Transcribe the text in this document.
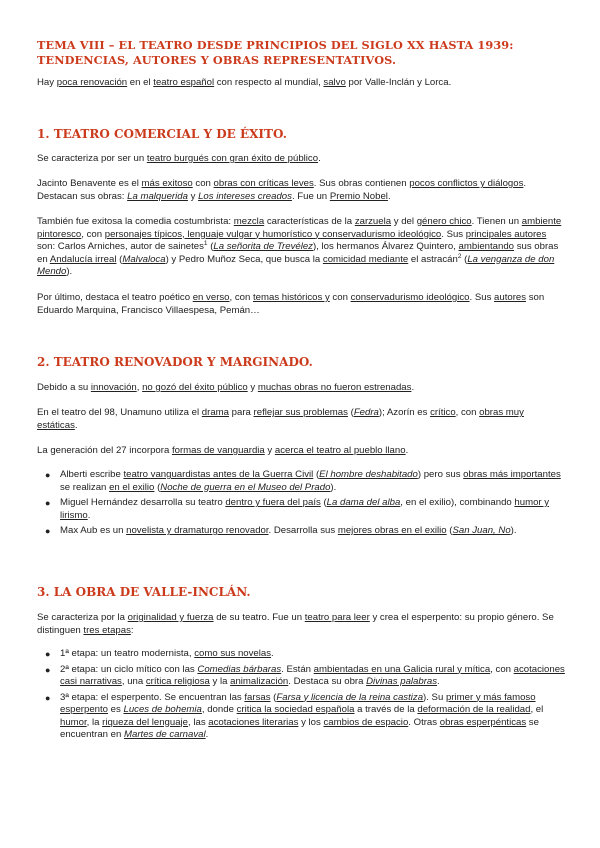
TEMA VIII – EL TEATRO DESDE PRINCIPIOS DEL SIGLO XX HASTA 1939: TENDENCIAS, AUTORES Y OBRAS REPRESENTATIVOS.

Hay poca renovación en el teatro español con respecto al mundial, salvo por Valle-Inclán y Lorca.

1. TEATRO COMERCIAL Y DE ÉXITO.

Se caracteriza por ser un teatro burgués con gran éxito de público.

Jacinto Benavente es el más exitoso con obras con críticas leves. Sus obras contienen pocos conflictos y diálogos. Destacan sus obras: La malquerida y Los intereses creados. Fue un Premio Nobel.

También fue exitosa la comedia costumbrista: mezcla características de la zarzuela y del género chico. Tienen un ambiente pintoresco, con personajes típicos, lenguaje vulgar y humorístico y conservadurismo ideológico. Sus principales autores son: Carlos Arniches, autor de sainetes$^1$ (La señorita de Trevélez), los hermanos Álvarez Quintero, ambientando sus obras en Andalucía irreal (Malvaloca) y Pedro Muñoz Seca, que busca la comicidad mediante el astracán$^2$ (La venganza de don Mendo).

Por último, destaca el teatro poético en verso, con temas históricos y con conservadurismo ideológico. Sus autores son Eduardo Marquina, Francisco Villaespesa, Pemán…

2. TEATRO RENOVADOR Y MARGINADO.

Debido a su innovación, no gozó del éxito público y muchas obras no fueron estrenadas.

En el teatro del 98, Unamuno utiliza el drama para reflejar sus problemas (Fedra); Azorín es crítico, con obras muy estáticas.

La generación del 27 incorpora formas de vanguardia y acerca el teatro al pueblo llano.

● Alberti escribe teatro vanguardistas antes de la Guerra Civil (El hombre deshabitado) pero sus obras más importantes se realizan en el exilio (Noche de guerra en el Museo del Prado).
● Miguel Hernández desarrolla su teatro dentro y fuera del país (La dama del alba, en el exilio), combinando humor y lirismo.
● Max Aub es un novelista y dramaturgo renovador. Desarrolla sus mejores obras en el exilio (San Juan, No).
3. LA OBRA DE VALLE-INCLÁN.

Se caracteriza por la originalidad y fuerza de su teatro. Fue un teatro para leer y crea el esperpento: su propio género. Se distinguen tres etapas:

● 1ª etapa: un teatro modernista, como sus novelas.
● 2ª etapa: un ciclo mítico con las Comedias bárbaras. Están ambientadas en una Galicia rural y mítica, con acotaciones casi narrativas, una crítica religiosa y la animalización. Destaca su obra Divinas palabras.
● 3ª etapa: el esperpento. Se encuentran las farsas (Farsa y licencia de la reina castiza). Su primer y más famoso esperpento es Luces de bohemia, donde critica la sociedad española a través de la deformación de la realidad, el humor, la riqueza del lenguaje, las acotaciones literarias y los cambios de espacio. Otras obras esperpénticas se encuentran en Martes de carnaval.
